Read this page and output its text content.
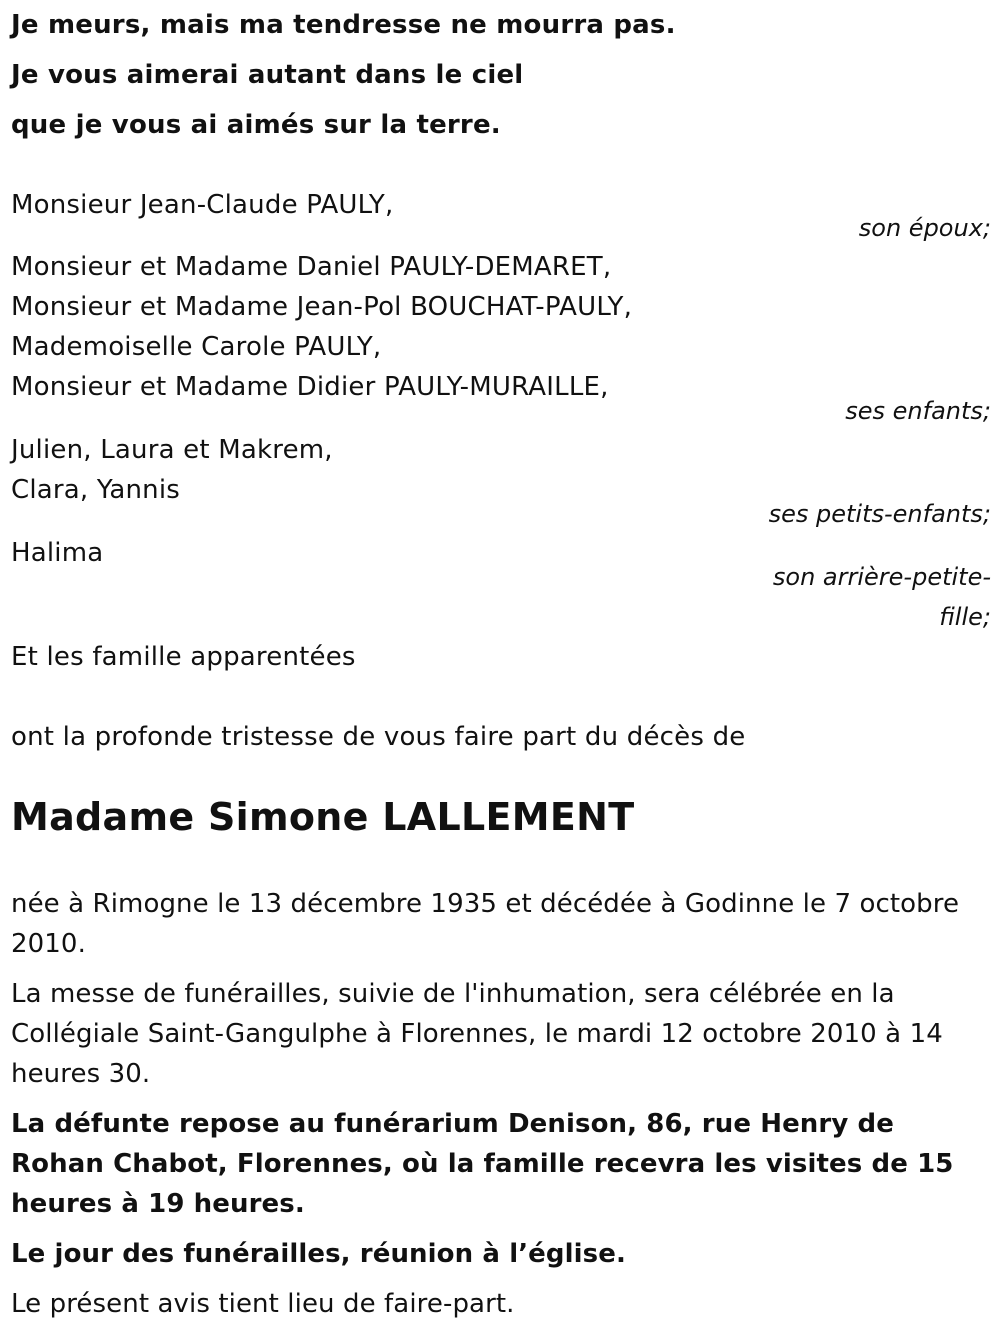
Je meurs, mais ma tendresse ne mourra pas.
Je vous aimerai autant dans le ciel
que je vous ai aimés sur la terre.
Monsieur Jean-Claude PAULY,
son époux;
Monsieur et Madame Daniel PAULY-DEMARET,
Monsieur et Madame Jean-Pol BOUCHAT-PAULY,
Mademoiselle Carole PAULY,
Monsieur et Madame Didier PAULY-MURAILLE,
ses enfants;
Julien, Laura et Makrem,
Clara, Yannis
ses petits-enfants;
Halima
son arrière-petite-
fille;
Et les famille apparentées
ont la profonde tristesse de vous faire part du décès de
Madame Simone LALLEMENT
née à Rimogne le 13 décembre 1935 et décédée à Godinne le 7 octobre 2010.
La messe de funérailles, suivie de l'inhumation, sera célébrée en la Collégiale Saint-Gangulphe à Florennes, le mardi 12 octobre 2010 à 14 heures 30.
La défunte repose au funérarium Denison, 86, rue Henry de Rohan Chabot, Florennes, où la famille recevra les visites de 15 heures à 19 heures.
Le jour des funérailles, réunion à l’église.
Le présent avis tient lieu de faire-part.
